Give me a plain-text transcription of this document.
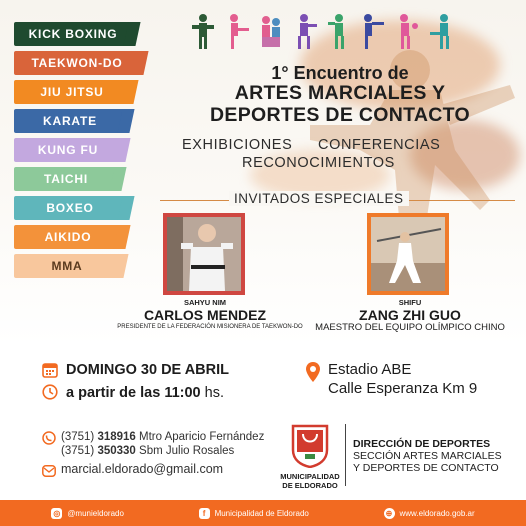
KICK BOXING
TAEKWON-DO
JIU JITSU
KARATE
KUNG FU
TAICHI
BOXEO
AIKIDO
MMA
1° Encuentro de
ARTES MARCIALES Y
DEPORTES DE CONTACTO
EXHIBICIONES CONFERENCIAS
RECONOCIMIENTOS
INVITADOS ESPECIALES
SAHYU NIM
CARLOS MENDEZ
PRESIDENTE DE LA FEDERACIÓN MISIONERA DE TAEKWON-DO
SHIFU
ZANG ZHI GUO
MAESTRO DEL EQUIPO OLÍMPICO CHINO
DOMINGO 30 DE ABRIL
a partir de las 11:00 hs.
Estadio ABE
Calle Esperanza Km 9
(3751) 318916 Mtro Aparicio Fernández
(3751) 350330 Sbm Julio Rosales
marcial.eldorado@gmail.com
MUNICIPALIDAD
DE ELDORADO
DIRECCIÓN DE DEPORTES
SECCIÓN ARTES MARCIALES
Y DEPORTES DE CONTACTO
◎ @munieldorado	f	Municipalidad de Eldorado	⊕ www.eldorado.gob.ar
